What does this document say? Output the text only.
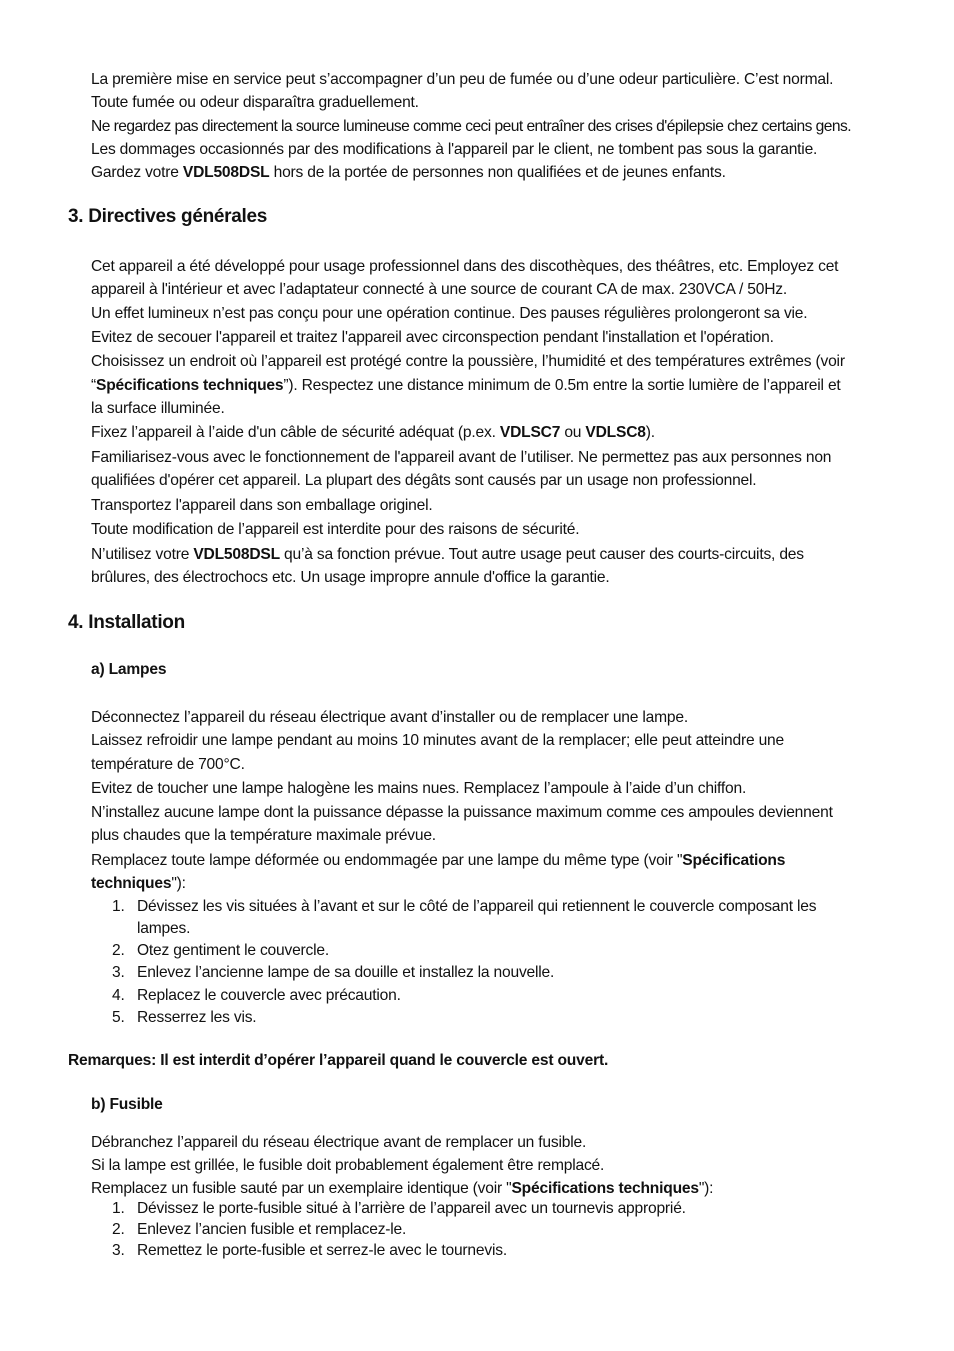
La première mise en service peut s’accompagner d’un peu de fumée ou d’une odeur particulière. C’est normal.

Toute fumée ou odeur disparaîtra graduellement.

Ne regardez pas directement la source lumineuse comme ceci peut entraîner des crises d'épilepsie chez certains gens.

Les dommages occasionnés par des modifications à l'appareil par le client, ne tombent pas sous la garantie.

Gardez votre VDL508DSL hors de la portée de personnes non qualifiées et de jeunes enfants.

3. Directives générales

Cet appareil a été développé pour usage professionnel dans des discothèques, des théâtres, etc. Employez cet

appareil à l'intérieur et avec l’adaptateur connecté à une source de courant CA de max. 230VCA / 50Hz.

Un effet lumineux n’est pas conçu pour une opération continue. Des pauses régulières prolongeront sa vie.

Evitez de secouer l'appareil et traitez l'appareil avec circonspection pendant l'installation et l'opération.

Choisissez un endroit où l’appareil est protégé contre la poussière, l’humidité et des températures extrêmes (voir

“Spécifications techniques”). Respectez une distance minimum de 0.5m entre la sortie lumière de l’appareil et

la surface illuminée.

Fixez l’appareil à l’aide d'un câble de sécurité adéquat (p.ex. VDLSC7 ou VDLSC8).

Familiarisez-vous avec le fonctionnement de l'appareil avant de l’utiliser. Ne permettez pas aux personnes non

qualifiées d'opérer cet appareil. La plupart des dégâts sont causés par un usage non professionnel.

Transportez l'appareil dans son emballage originel.

Toute modification de l’appareil est interdite pour des raisons de sécurité.

N’utilisez votre VDL508DSL qu’à sa fonction prévue. Tout autre usage peut causer des courts-circuits, des

brûlures, des électrochocs etc. Un usage impropre annule d'office la garantie.

4. Installation
a) Lampes

Déconnectez l’appareil du réseau électrique avant d’installer ou de remplacer une lampe.

Laissez refroidir une lampe pendant au moins 10 minutes avant de la remplacer; elle peut atteindre une

température de 700°C.

Evitez de toucher une lampe halogène les mains nues. Remplacez l’ampoule à l’aide d’un chiffon.

N’installez aucune lampe dont la puissance dépasse la puissance maximum comme ces ampoules deviennent

plus chaudes que la température maximale prévue.

Remplacez toute lampe déformée ou endommagée par une lampe du même type (voir "Spécifications

techniques"):

1. Dévissez les vis situées à l’avant et sur le côté de l’appareil qui retiennent le couvercle composant les
lampes.
2. Otez gentiment le couvercle.
3. Enlevez l’ancienne lampe de sa douille et installez la nouvelle.
4. Replacez le couvercle avec précaution.
5. Resserrez les vis.

Remarques: Il est interdit d’opérer l’appareil quand le couvercle est ouvert.

b) Fusible

Débranchez l’appareil du réseau électrique avant de remplacer un fusible.

Si la lampe est grillée, le fusible doit probablement également être remplacé.

Remplacez un fusible sauté par un exemplaire identique (voir "Spécifications techniques"):

1. Dévissez le porte-fusible situé à l’arrière de l’appareil avec un tournevis approprié.
2. Enlevez l’ancien fusible et remplacez-le.
3. Remettez le porte-fusible et serrez-le avec le tournevis.
